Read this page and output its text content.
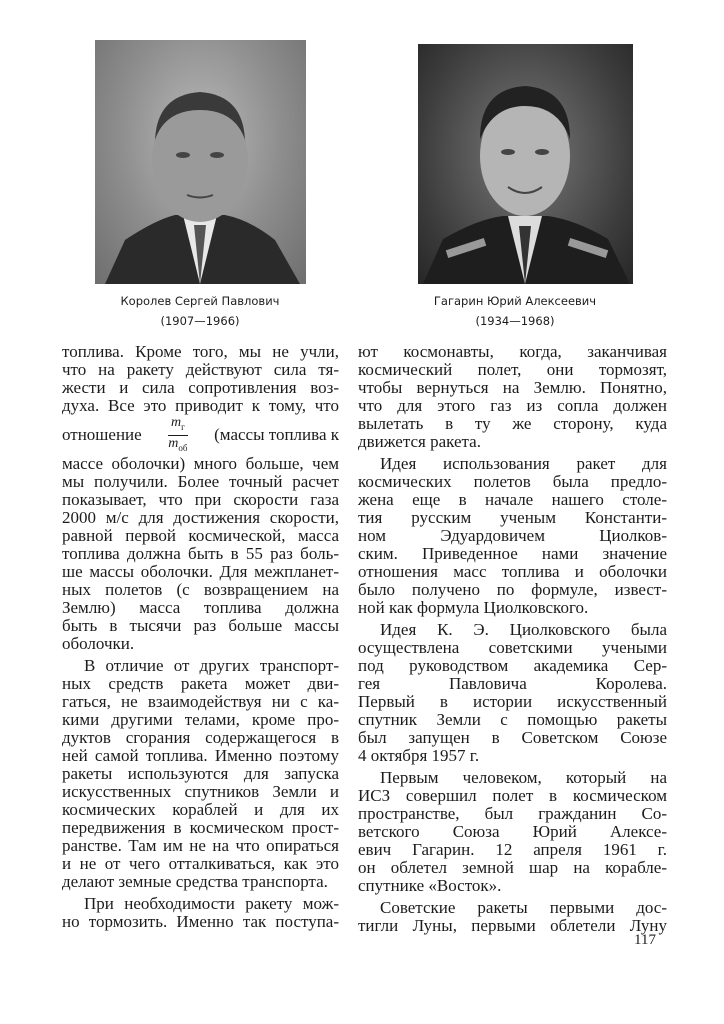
Королев Сергей Павлович
(1907—1966)
Гагарин Юрий Алексеевич
(1934—1968)
топлива. Кроме того, мы не учли,
что на ракету действуют сила тя-
жести и сила сопротивления воз-
духа. Все это приводит к тому, что
отношение $\frac{m_г}{m_{об}}$ (массы топлива к
массе оболочки) много больше, чем
мы получили. Более точный расчет
показывает, что при скорости газа
2000 м/с для достижения скорости,
равной первой космической, масса
топлива должна быть в 55 раз боль-
ше массы оболочки. Для межпланет-
ных полетов (с возвращением на
Землю) масса топлива должна
быть в тысячи раз больше массы
оболочки.
В отличие от других транспорт-
ных средств ракета может дви-
гаться, не взаимодействуя ни с ка-
кими другими телами, кроме про-
дуктов сгорания содержащегося в
ней самой топлива. Именно поэтому
ракеты используются для запуска
искусственных спутников Земли и
космических кораблей и для их
передвижения в космическом прост-
ранстве. Там им не на что опираться
и не от чего отталкиваться, как это
делают земные средства транспорта.
При необходимости ракету мож-
но тормозить. Именно так поступа-
ют космонавты, когда, заканчивая
космический полет, они тормозят,
чтобы вернуться на Землю. Понятно,
что для этого газ из сопла должен
вылетать в ту же сторону, куда
движется ракета.
Идея использования ракет для
космических полетов была предло-
жена еще в начале нашего столе-
тия русским ученым Константи-
ном Эдуардовичем Циолков-
ским. Приведенное нами значение
отношения масс топлива и оболочки
было получено по формуле, извест-
ной как формула Циолковского.
Идея К. Э. Циолковского была
осуществлена советскими учеными
под руководством академика Сер-
гея Павловича Королева.
Первый в истории искусственный
спутник Земли с помощью ракеты
был запущен в Советском Союзе
4 октября 1957 г.
Первым человеком, который на
ИСЗ совершил полет в космическом
пространстве, был гражданин Со-
ветского Союза Юрий Алексе-
евич Гагарин. 12 апреля 1961 г.
он облетел земной шар на корабле-
спутнике «Восток».
Советские ракеты первыми дос-
тигли Луны, первыми облетели Луну
117
